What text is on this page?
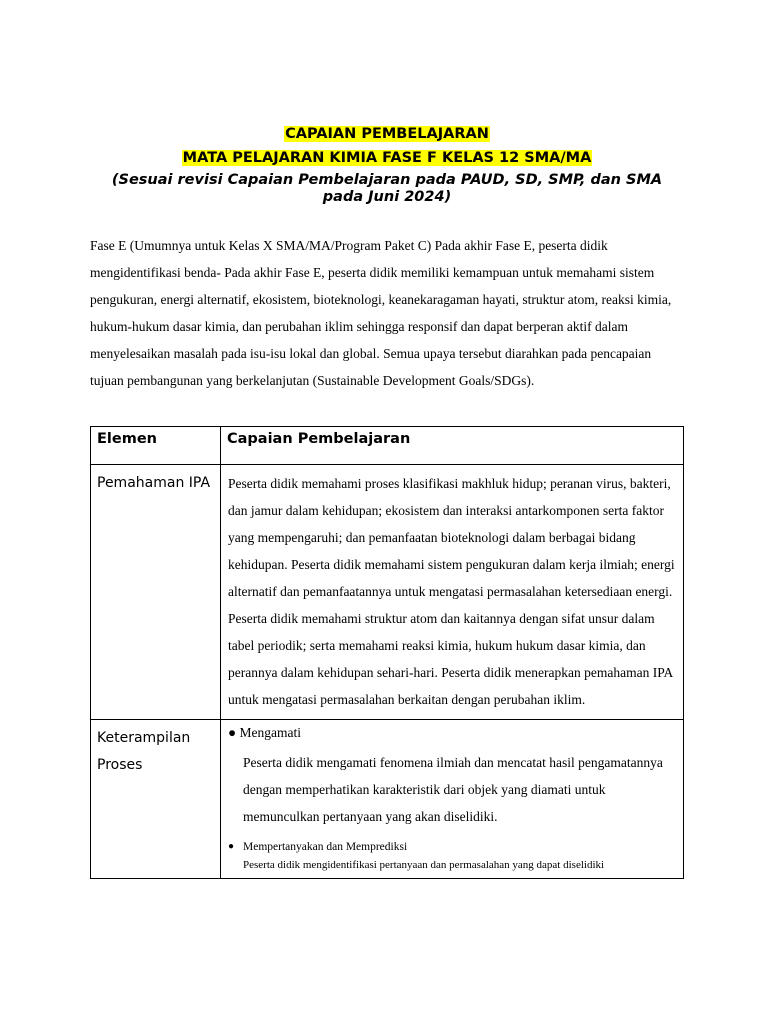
CAPAIAN PEMBELAJARAN
MATA PELAJARAN KIMIA FASE F KELAS 12 SMA/MA
(Sesuai revisi Capaian Pembelajaran pada PAUD, SD, SMP, dan SMA pada Juni 2024)
Fase E (Umumnya untuk Kelas X SMA/MA/Program Paket C) Pada akhir Fase E, peserta didik mengidentifikasi benda- Pada akhir Fase E, peserta didik memiliki kemampuan untuk memahami sistem pengukuran, energi alternatif, ekosistem, bioteknologi, keanekaragaman hayati, struktur atom, reaksi kimia, hukum-hukum dasar kimia, dan perubahan iklim sehingga responsif dan dapat berperan aktif dalam menyelesaikan masalah pada isu-isu lokal dan global. Semua upaya tersebut diarahkan pada pencapaian tujuan pembangunan yang berkelanjutan (Sustainable Development Goals/SDGs).
Elemen	Capaian Pembelajaran
Pemahaman IPA	Peserta didik memahami proses klasifikasi makhluk hidup; peranan virus, bakteri, dan jamur dalam kehidupan; ekosistem dan interaksi antarkomponen serta faktor yang mempengaruhi; dan pemanfaatan bioteknologi dalam berbagai bidang kehidupan. Peserta didik memahami sistem pengukuran dalam kerja ilmiah; energi alternatif dan pemanfaatannya untuk mengatasi permasalahan ketersediaan energi. Peserta didik memahami struktur atom dan kaitannya dengan sifat unsur dalam tabel periodik; serta memahami reaksi kimia, hukum hukum dasar kimia, dan perannya dalam kehidupan sehari-hari. Peserta didik menerapkan pemahaman IPA untuk mengatasi permasalahan berkaitan dengan perubahan iklim.
Keterampilan Proses	● Mengamati
Peserta didik mengamati fenomena ilmiah dan mencatat hasil pengamatannya dengan memperhatikan karakteristik dari objek yang diamati untuk memunculkan pertanyaan yang akan diselidiki.
● Mempertanyakan dan Memprediksi
Peserta didik mengidentifikasi pertanyaan dan permasalahan yang dapat diselidiki
